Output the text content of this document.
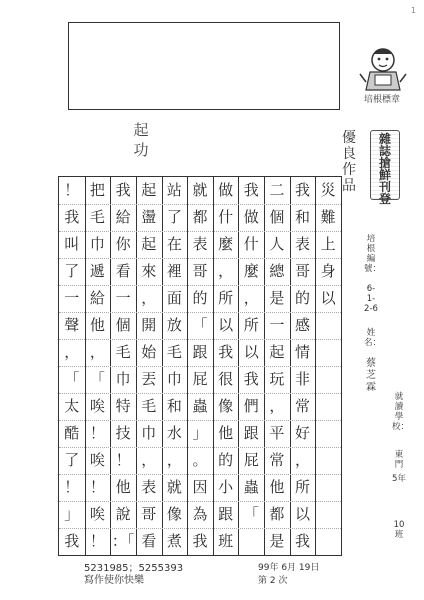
1
培根標章
雜
誌
搶
鮮
刊
登
優良作品
起 功
災
難
上
身
以
我
和
表
哥
的
感
情
非
常
好
，
所
以
我
二
個
人
總
是
一
起
玩
，
平
常
他
都
是
我
做
什
麼
，
所
以
我
們
跟
屁
蟲
「
做
什
麼
，
所
以
我
很
像
他
的
小
跟
班
就
都
表
哥
的
「
跟
屁
蟲
」
。
因
為
我
站
了
在
裡
面
放
毛
巾
和
水
，
就
像
煮
起
盪
起
來
，
開
始
丟
毛
巾
，
表
哥
看
我
給
你
看
一
個
毛
巾
特
技
！
他
說
：「
把
毛
巾
遞
給
他
，
「
唉
！
唉
！
唉
！
！
我
叫
了
一
聲
，
「
太
酷
了
！
」
我
培根編號：
6-1-2-6
姓名：
蔡芝霖
就讀學校：
東門
5年
10班
5231985；5255393
寫作使你快樂
99年 6月 19日
第 2 次
